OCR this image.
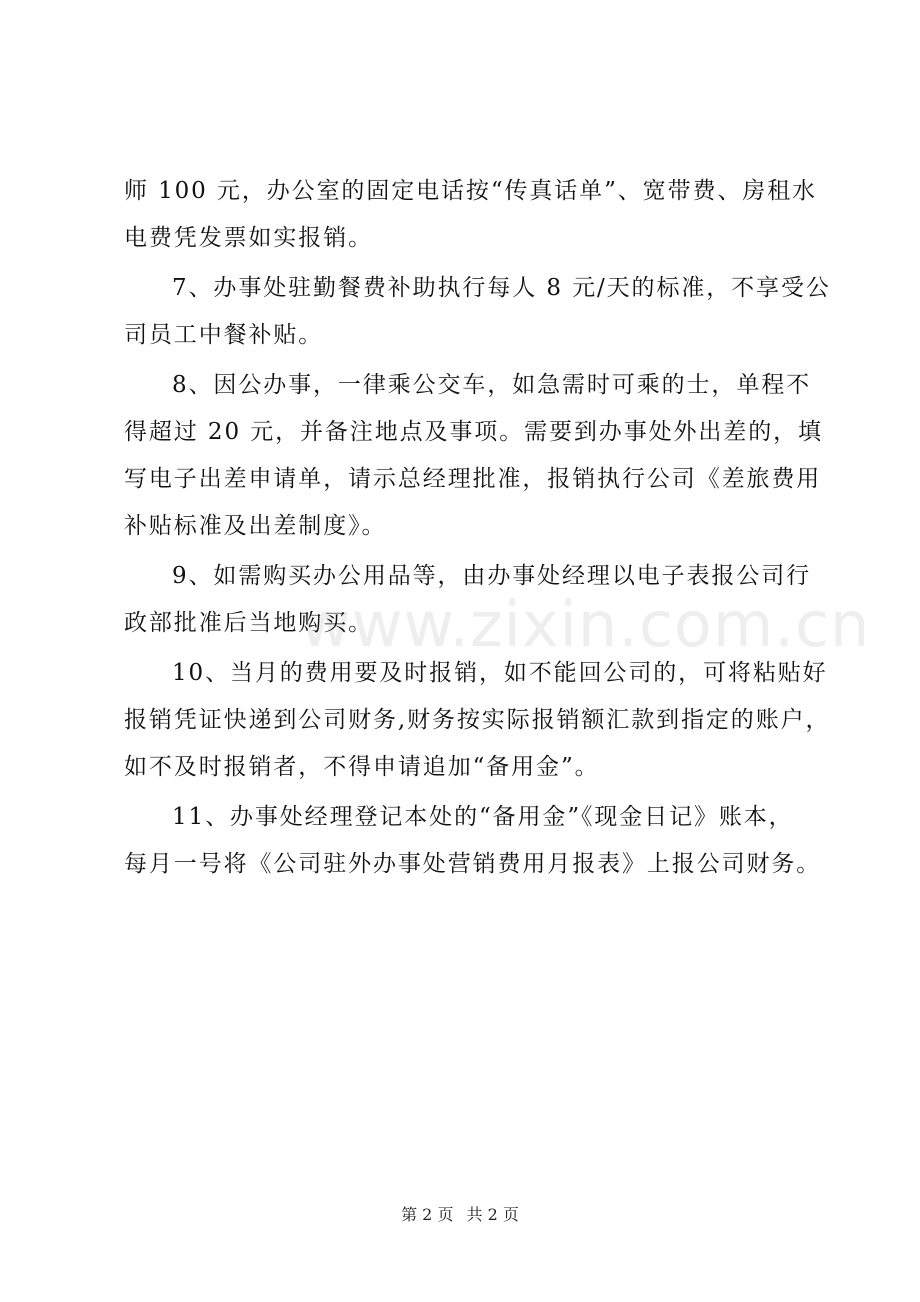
www.zixin.com.cn
师 100 元，办公室的固定电话按“传真话单”、宽带费、房租水
电费凭发票如实报销。
7、办事处驻勤餐费补助执行每人 8 元/天的标准，不享受公
司员工中餐补贴。
8、因公办事，一律乘公交车，如急需时可乘的士，单程不
得超过 20 元，并备注地点及事项。需要到办事处外出差的，填
写电子出差申请单，请示总经理批准，报销执行公司《差旅费用
补贴标准及出差制度》。
9、如需购买办公用品等，由办事处经理以电子表报公司行
政部批准后当地购买。
10、当月的费用要及时报销，如不能回公司的，可将粘贴好
报销凭证快递到公司财务,财务按实际报销额汇款到指定的账户，
如不及时报销者，不得申请追加“备用金”。
11、办事处经理登记本处的“备用金”《现金日记》账本，
每月一号将《公司驻外办事处营销费用月报表》上报公司财务。
第 2 页 共 2 页
